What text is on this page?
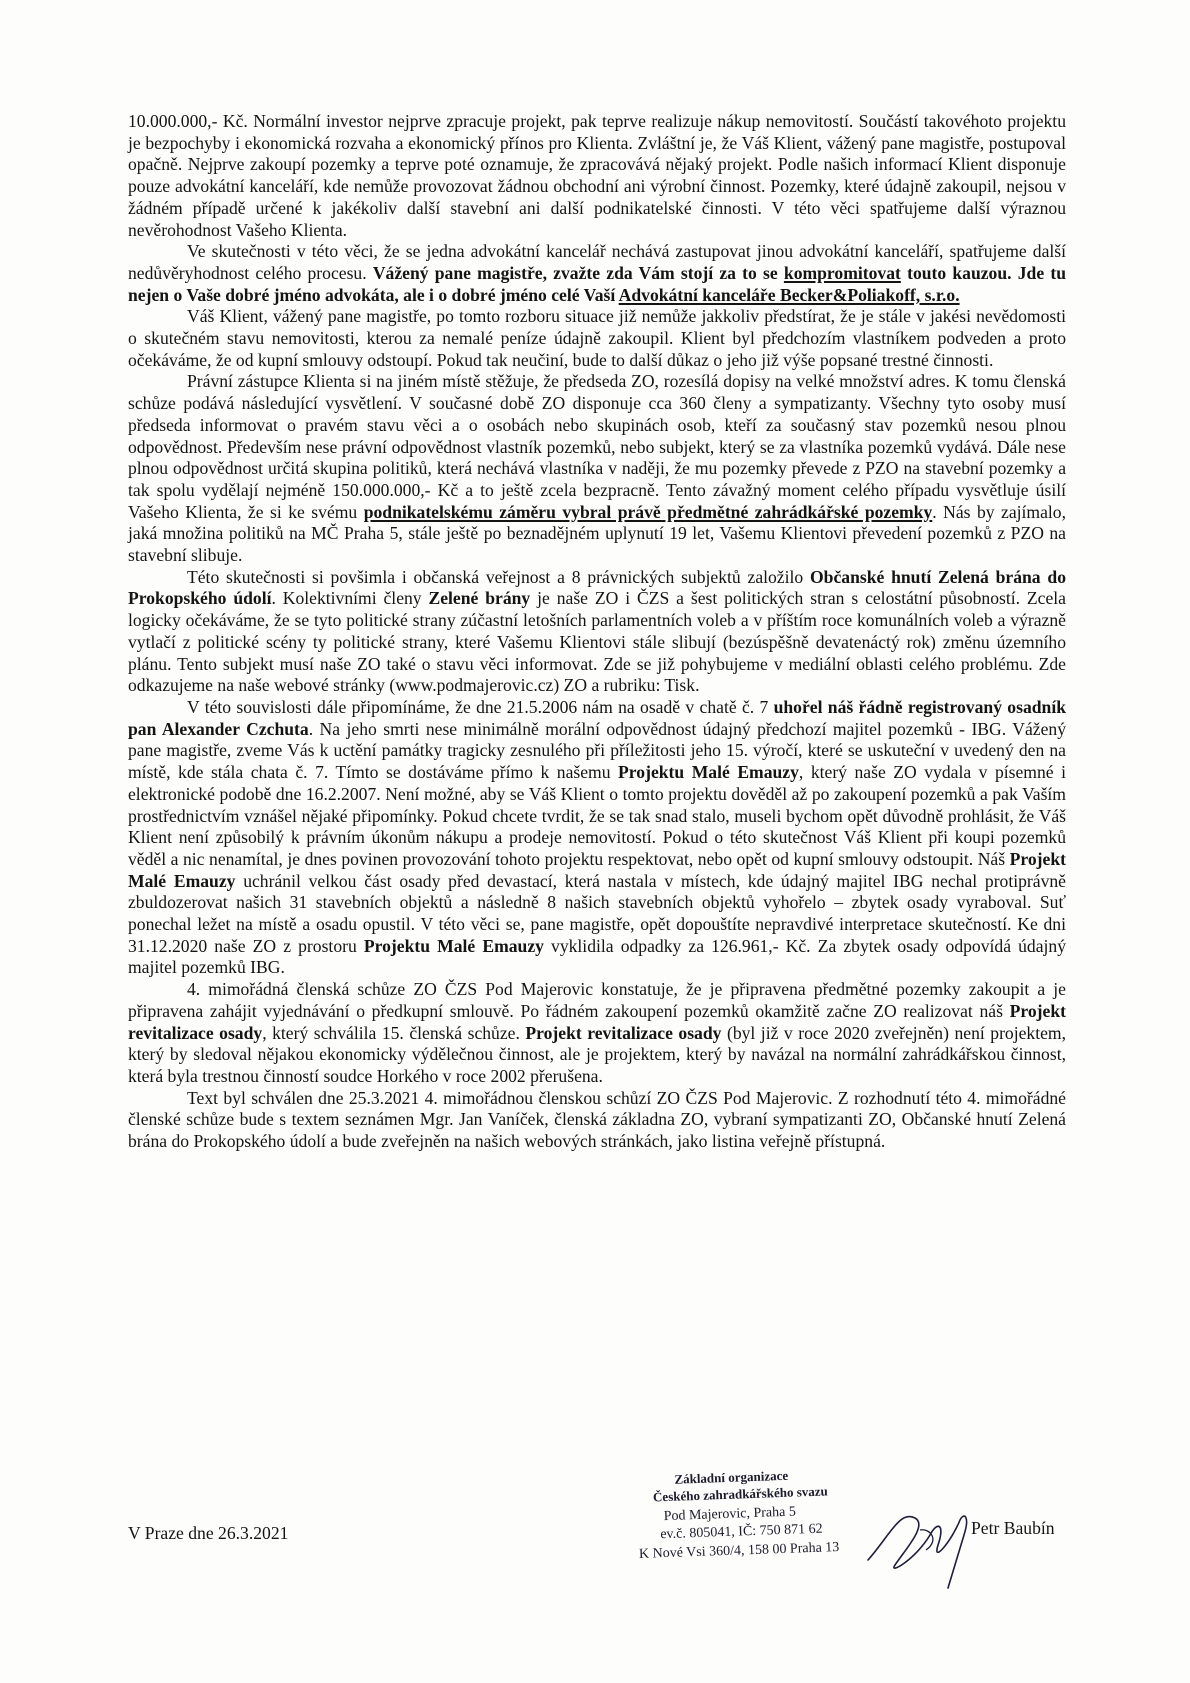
10.000.000,- Kč. Normální investor nejprve zpracuje projekt, pak teprve realizuje nákup nemovitostí. Součástí takovéhoto projektu je bezpochyby i ekonomická rozvaha a ekonomický přínos pro Klienta. Zvláštní je, že Váš Klient, vážený pane magistře, postupoval opačně. Nejprve zakoupí pozemky a teprve poté oznamuje, že zpracovává nějaký projekt. Podle našich informací Klient disponuje pouze advokátní kanceláří, kde nemůže provozovat žádnou obchodní ani výrobní činnost. Pozemky, které údajně zakoupil, nejsou v žádném případě určené k jakékoliv další stavební ani další podnikatelské činnosti. V této věci spatřujeme další výraznou nevěrohodnost Vašeho Klienta.

Ve skutečnosti v této věci, že se jedna advokátní kancelář nechává zastupovat jinou advokátní kanceláří, spatřujeme další nedůvěryhodnost celého procesu. Vážený pane magistře, zvažte zda Vám stojí za to se kompromitovat touto kauzou. Jde tu nejen o Vaše dobré jméno advokáta, ale i o dobré jméno celé Vaší Advokátní kanceláře Becker&Poliakoff, s.r.o.

Váš Klient, vážený pane magistře, po tomto rozboru situace již nemůže jakkoliv předstírat, že je stále v jakési nevědomosti o skutečném stavu nemovitosti, kterou za nemalé peníze údajně zakoupil. Klient byl předchozím vlastníkem podveden a proto očekáváme, že od kupní smlouvy odstoupí. Pokud tak neučiní, bude to další důkaz o jeho již výše popsané trestné činnosti.

Právní zástupce Klienta si na jiném místě stěžuje, že předseda ZO, rozesílá dopisy na velké množství adres. K tomu členská schůze podává následující vysvětlení. V současné době ZO disponuje cca 360 členy a sympatizanty. Všechny tyto osoby musí předseda informovat o pravém stavu věci a o osobách nebo skupinách osob, kteří za současný stav pozemků nesou plnou odpovědnost. Především nese právní odpovědnost vlastník pozemků, nebo subjekt, který se za vlastníka pozemků vydává. Dále nese plnou odpovědnost určitá skupina politiků, která nechává vlastníka v naději, že mu pozemky převede z PZO na stavební pozemky a tak spolu vydělají nejméně 150.000.000,- Kč a to ještě zcela bezpracně. Tento závažný moment celého případu vysvětluje úsilí Vašeho Klienta, že si ke svému podnikatelskému záměru vybral právě předmětné zahrádkářské pozemky. Nás by zajímalo, jaká množina politiků na MČ Praha 5, stále ještě po beznadějném uplynutí 19 let, Vašemu Klientovi převedení pozemků z PZO na stavební slibuje.

Této skutečnosti si povšimla i občanská veřejnost a 8 právnických subjektů založilo Občanské hnutí Zelená brána do Prokopského údolí. Kolektivními členy Zelené brány je naše ZO i ČZS a šest politických stran s celostátní působností. Zcela logicky očekáváme, že se tyto politické strany zúčastní letošních parlamentních voleb a v příštím roce komunálních voleb a výrazně vytlačí z politické scény ty politické strany, které Vašemu Klientovi stále slibují (bezúspěšně devatenáctý rok) změnu územního plánu. Tento subjekt musí naše ZO také o stavu věci informovat. Zde se již pohybujeme v mediální oblasti celého problému. Zde odkazujeme na naše webové stránky (www.podmajerovic.cz) ZO a rubriku: Tisk.

V této souvislosti dále připomínáme, že dne 21.5.2006 nám na osadě v chatě č. 7 uhořel náš řádně registrovaný osadník pan Alexander Czchuta. Na jeho smrti nese minimálně morální odpovědnost údajný předchozí majitel pozemků - IBG. Vážený pane magistře, zveme Vás k uctění památky tragicky zesnulého při příležitosti jeho 15. výročí, které se uskuteční v uvedený den na místě, kde stála chata č. 7. Tímto se dostáváme přímo k našemu Projektu Malé Emauzy, který naše ZO vydala v písemné i elektronické podobě dne 16.2.2007. Není možné, aby se Váš Klient o tomto projektu dověděl až po zakoupení pozemků a pak Vaším prostřednictvím vznášel nějaké připomínky. Pokud chcete tvrdit, že se tak snad stalo, museli bychom opět důvodně prohlásit, že Váš Klient není způsobilý k právním úkonům nákupu a prodeje nemovitostí. Pokud o této skutečnost Váš Klient při koupi pozemků věděl a nic nenamítal, je dnes povinen provozování tohoto projektu respektovat, nebo opět od kupní smlouvy odstoupit. Náš Projekt Malé Emauzy uchránil velkou část osady před devastací, která nastala v místech, kde údajný majitel IBG nechal protiprávně zbuldozerovat našich 31 stavebních objektů a následně 8 našich stavebních objektů vyhořelo – zbytek osady vyraboval. Suť ponechal ležet na místě a osadu opustil. V této věci se, pane magistře, opět dopouštíte nepravdivé interpretace skutečností. Ke dni 31.12.2020 naše ZO z prostoru Projektu Malé Emauzy vyklidila odpadky za 126.961,- Kč. Za zbytek osady odpovídá údajný majitel pozemků IBG.

4. mimořádná členská schůze ZO ČZS Pod Majerovic konstatuje, že je připravena předmětné pozemky zakoupit a je připravena zahájit vyjednávání o předkupní smlouvě. Po řádném zakoupení pozemků okamžitě začne ZO realizovat náš Projekt revitalizace osady, který schválila 15. členská schůze. Projekt revitalizace osady (byl již v roce 2020 zveřejněn) není projektem, který by sledoval nějakou ekonomicky výdělečnou činnost, ale je projektem, který by navázal na normální zahrádkářskou činnost, která byla trestnou činností soudce Horkého v roce 2002 přerušena.

Text byl schválen dne 25.3.2021 4. mimořádnou členskou schůzí ZO ČZS Pod Majerovic. Z rozhodnutí této 4. mimořádné členské schůze bude s textem seznámen Mgr. Jan Vaníček, členská základna ZO, vybraní sympatizanti ZO, Občanské hnutí Zelená brána do Prokopského údolí a bude zveřejněn na našich webových stránkách, jako listina veřejně přístupná.

Základní organizace
Českého zahradkářského svazu
Pod Majerovic, Praha 5
ev.č. 805041, IČ: 750 871 62
K Nové Vsi 360/4, 158 00 Praha 13
V Praze dne 26.3.2021	Petr Baubín
